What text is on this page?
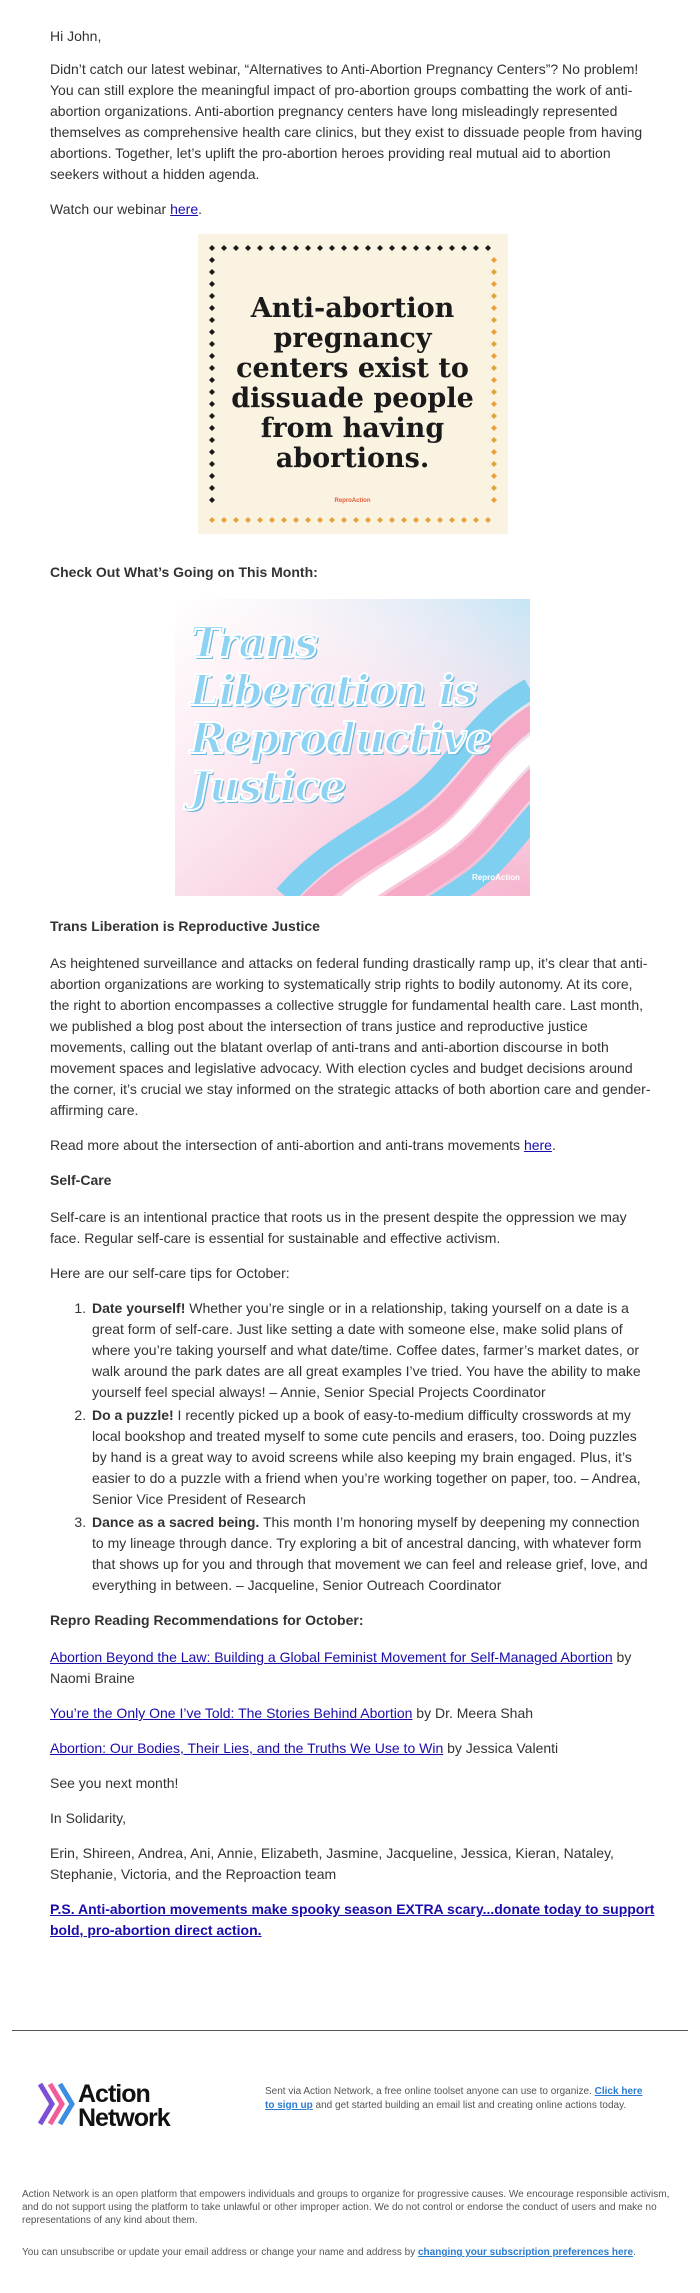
Hi John,

Didn’t catch our latest webinar, “Alternatives to Anti-Abortion Pregnancy Centers”? No problem! You can still explore the meaningful impact of pro-abortion groups combatting the work of anti-abortion organizations. Anti-abortion pregnancy centers have long misleadingly represented themselves as comprehensive health care clinics, but they exist to dissuade people from having abortions. Together, let’s uplift the pro-abortion heroes providing real mutual aid to abortion seekers without a hidden agenda.

Watch our webinar here.

Anti-abortion pregnancy centers exist to dissuade people from having abortions.
ReproAction

Check Out What’s Going on This Month:

Trans Liberation is Reproductive Justice
ReproAction

Trans Liberation is Reproductive Justice

As heightened surveillance and attacks on federal funding drastically ramp up, it’s clear that anti-abortion organizations are working to systematically strip rights to bodily autonomy. At its core, the right to abortion encompasses a collective struggle for fundamental health care. Last month, we published a blog post about the intersection of trans justice and reproductive justice movements, calling out the blatant overlap of anti-trans and anti-abortion discourse in both movement spaces and legislative advocacy. With election cycles and budget decisions around the corner, it’s crucial we stay informed on the strategic attacks of both abortion care and gender-affirming care.

Read more about the intersection of anti-abortion and anti-trans movements here.

Self-Care

Self-care is an intentional practice that roots us in the present despite the oppression we may face. Regular self-care is essential for sustainable and effective activism.

Here are our self-care tips for October:

1. Date yourself! Whether you’re single or in a relationship, taking yourself on a date is a great form of self-care. Just like setting a date with someone else, make solid plans of where you’re taking yourself and what date/time. Coffee dates, farmer’s market dates, or walk around the park dates are all great examples I’ve tried. You have the ability to make yourself feel special always! – Annie, Senior Special Projects Coordinator
2. Do a puzzle! I recently picked up a book of easy-to-medium difficulty crosswords at my local bookshop and treated myself to some cute pencils and erasers, too. Doing puzzles by hand is a great way to avoid screens while also keeping my brain engaged. Plus, it’s easier to do a puzzle with a friend when you’re working together on paper, too. – Andrea, Senior Vice President of Research
3. Dance as a sacred being. This month I’m honoring myself by deepening my connection to my lineage through dance. Try exploring a bit of ancestral dancing, with whatever form that shows up for you and through that movement we can feel and release grief, love, and everything in between. – Jacqueline, Senior Outreach Coordinator

Repro Reading Recommendations for October:

Abortion Beyond the Law: Building a Global Feminist Movement for Self-Managed Abortion by Naomi Braine

You’re the Only One I’ve Told: The Stories Behind Abortion by Dr. Meera Shah

Abortion: Our Bodies, Their Lies, and the Truths We Use to Win by Jessica Valenti

See you next month!

In Solidarity,

Erin, Shireen, Andrea, Ani, Annie, Elizabeth, Jasmine, Jacqueline, Jessica, Kieran, Nataley, Stephanie, Victoria, and the Reproaction team

P.S. Anti-abortion movements make spooky season EXTRA scary...donate today to support bold, pro-abortion direct action.

Action
Network
Sent via Action Network, a free online toolset anyone can use to organize. Click here to sign up and get started building an email list and creating online actions today.
Action Network is an open platform that empowers individuals and groups to organize for progressive causes. We encourage responsible activism, and do not support using the platform to take unlawful or other improper action. We do not control or endorse the conduct of users and make no representations of any kind about them.
You can unsubscribe or update your email address or change your name and address by changing your subscription preferences here.
